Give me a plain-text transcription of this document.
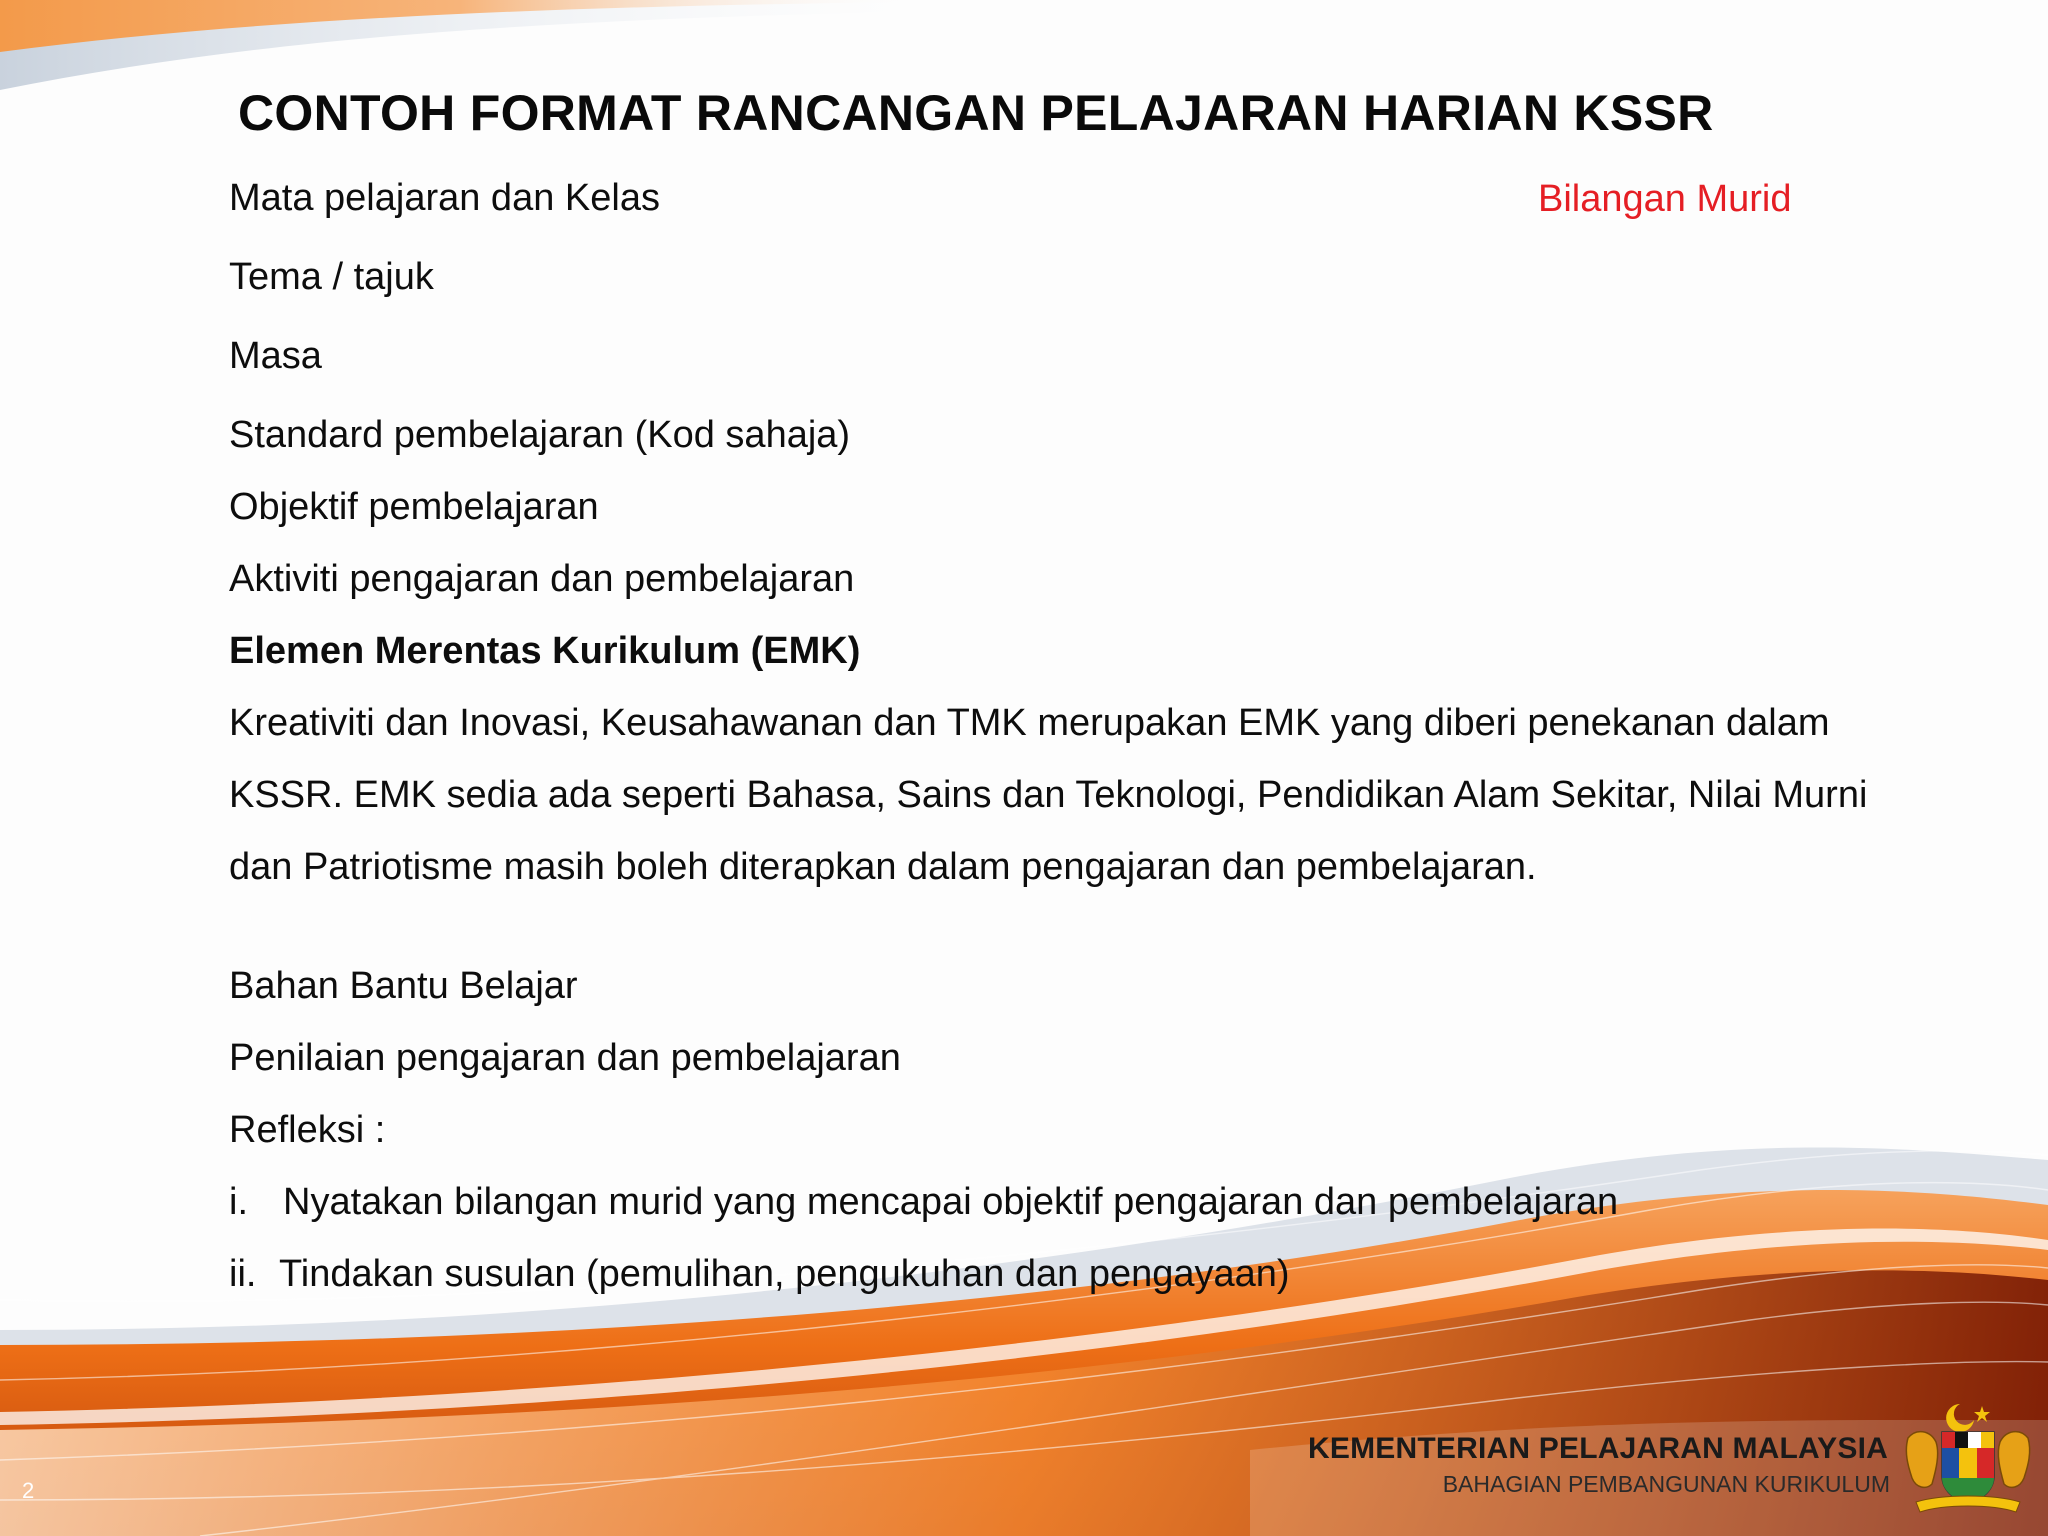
CONTOH FORMAT RANCANGAN PELAJARAN HARIAN KSSR
Mata pelajaran dan Kelas	Bilangan Murid
Tema / tajuk
Masa
Standard pembelajaran (Kod sahaja)
Objektif pembelajaran
Aktiviti pengajaran dan pembelajaran
Elemen Merentas Kurikulum (EMK)
Kreativiti dan Inovasi, Keusahawanan dan TMK merupakan EMK yang diberi penekanan dalam
KSSR. EMK sedia ada seperti Bahasa, Sains dan Teknologi, Pendidikan Alam Sekitar, Nilai Murni
dan Patriotisme masih boleh diterapkan dalam pengajaran dan pembelajaran.
Bahan Bantu Belajar
Penilaian pengajaran dan pembelajaran
Refleksi :
i. Nyatakan bilangan murid yang mencapai objektif pengajaran dan pembelajaran
ii. Tindakan susulan (pemulihan, pengukuhan dan pengayaan)
KEMENTERIAN PELAJARAN MALAYSIA
BAHAGIAN PEMBANGUNAN KURIKULUM
2
